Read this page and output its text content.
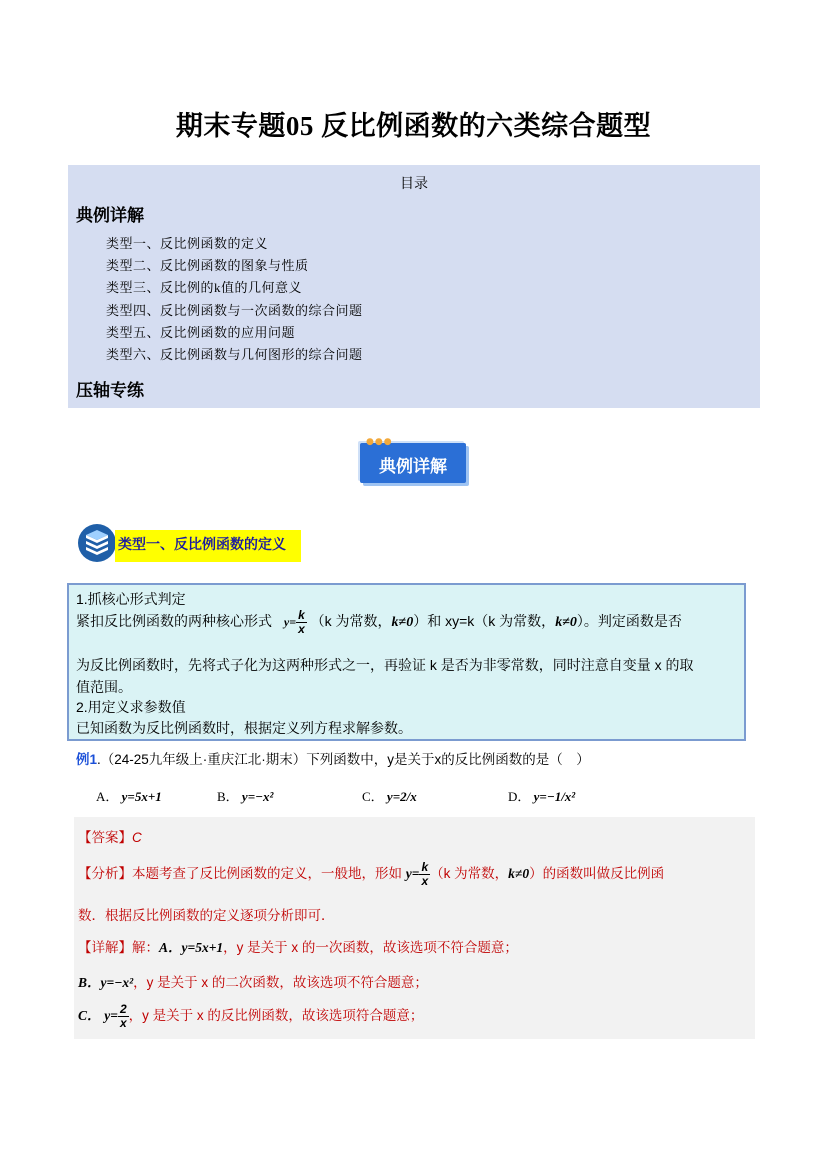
期末专题05 反比例函数的六类综合题型
目录
典例详解
类型一、反比例函数的定义
类型二、反比例函数的图象与性质
类型三、反比例的k值的几何意义
类型四、反比例函数与一次函数的综合问题
类型五、反比例函数的应用问题
类型六、反比例函数与几何图形的综合问题
压轴专练
●●●
典例详解
类型一、反比例函数的定义
1.抓核心形式判定
紧扣反比例函数的两种核心形式 $y= \frac{k}{x} (k$ 为常数，k≠0）和 xy=k（k 为常数，k≠0）。判定函数是否
为反比例函数时，先将式子化为这两种形式之一，再验证 k 是否为非零常数，同时注意自变量 x 的取
值范围。
2.用定义求参数值
已知函数为反比例函数时，根据定义列方程求解参数。
例1.（24-25九年级上·重庆江北·期末）下列函数中，y是关于x的反比例函数的是（　）
A． y=5x+1	B． y=−x²	C． y=2/x	D． y=−1/x²
【答案】C
【分析】本题考查了反比例函数的定义，一般地，形如 $y= \frac{k}{x} (k$ 为常数，k≠0）的函数叫做反比例函
数．根据反比例函数的定义逐项分析即可．
【详解】解：A．y=5x+1，y 是关于 x 的一次函数，故该选项不符合题意；
B．y=−x²，y 是关于 x 的二次函数，故该选项不符合题意；
C． $y= \frac{2}{x}$ ，y 是关于 x 的反比例函数，故该选项符合题意；
